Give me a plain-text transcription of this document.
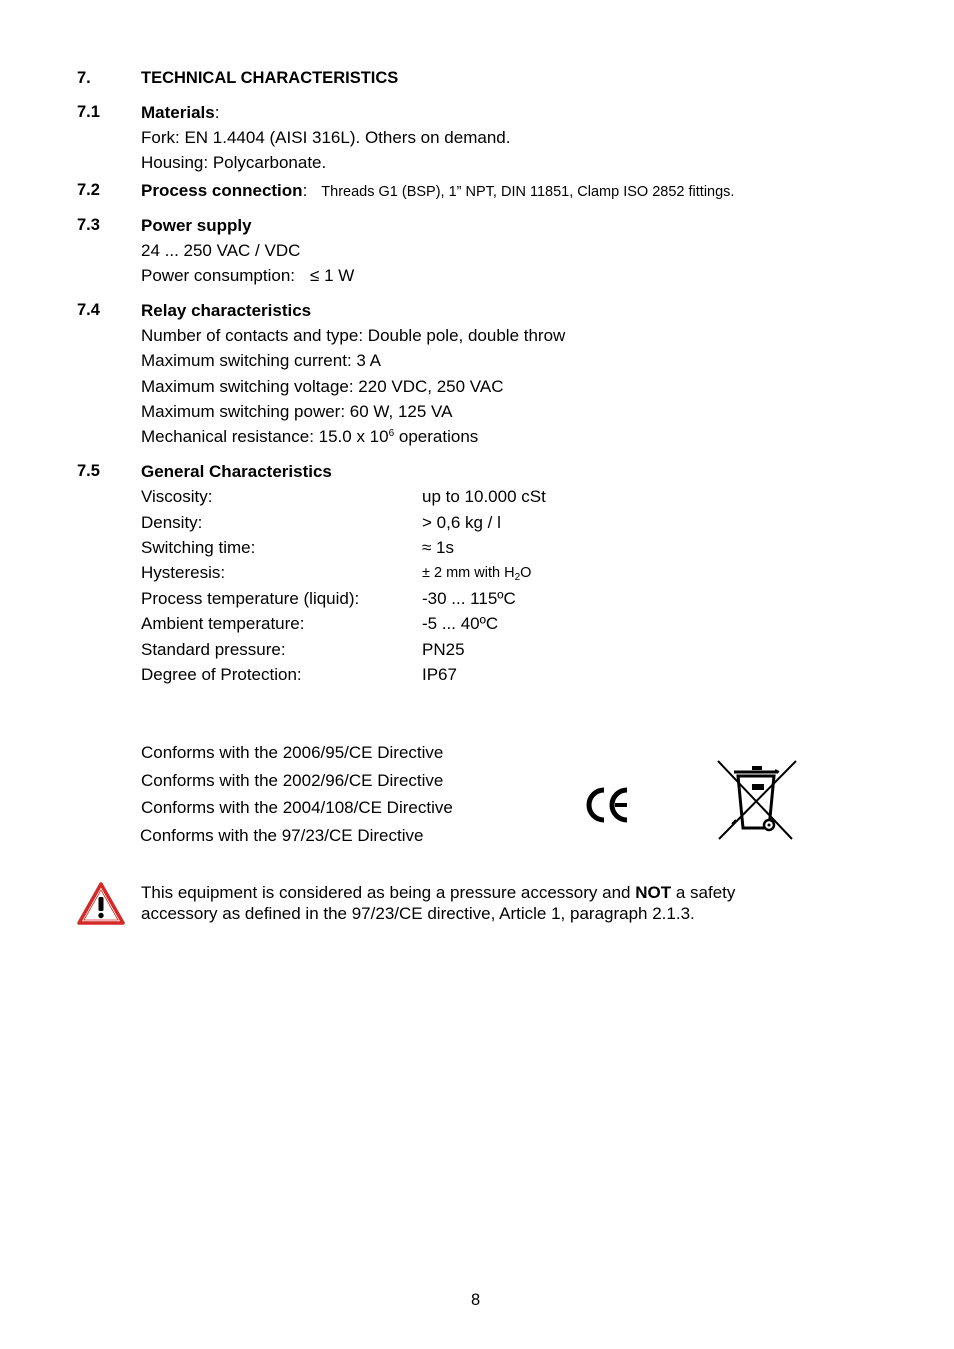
7.	TECHNICAL CHARACTERISTICS
7.1 Materials:
Fork: EN 1.4404 (AISI 316L). Others on demand.
Housing: Polycarbonate.
7.2 Process connection: Threads G1 (BSP), 1” NPT, DIN 11851, Clamp ISO 2852 fittings.
7.3 Power supply
24 ... 250 VAC / VDC
Power consumption: ≤ 1 W
7.4 Relay characteristics
Number of contacts and type: Double pole, double throw
Maximum switching current: 3 A
Maximum switching voltage: 220 VDC, 250 VAC
Maximum switching power: 60 W, 125 VA
Mechanical resistance: 15.0 x $10^6$ operations
7.5 General Characteristics
Viscosity:	up to 10.000 cSt
Density:	> 0,6 kg / l
Switching time:	≈ 1s
Hysteresis:	± 2 mm with $H_2O$
Process temperature (liquid):	-30 ... 115ºC
Ambient temperature:	-5 ... 40ºC
Standard pressure:	PN25
Degree of Protection:	IP67
Conforms with the 2006/95/CE Directive
Conforms with the 2002/96/CE Directive
Conforms with the 2004/108/CE Directive
Conforms with the 97/23/CE Directive
This equipment is considered as being a pressure accessory and NOT a safety accessory as defined in the 97/23/CE directive, Article 1, paragraph 2.1.3.
8
